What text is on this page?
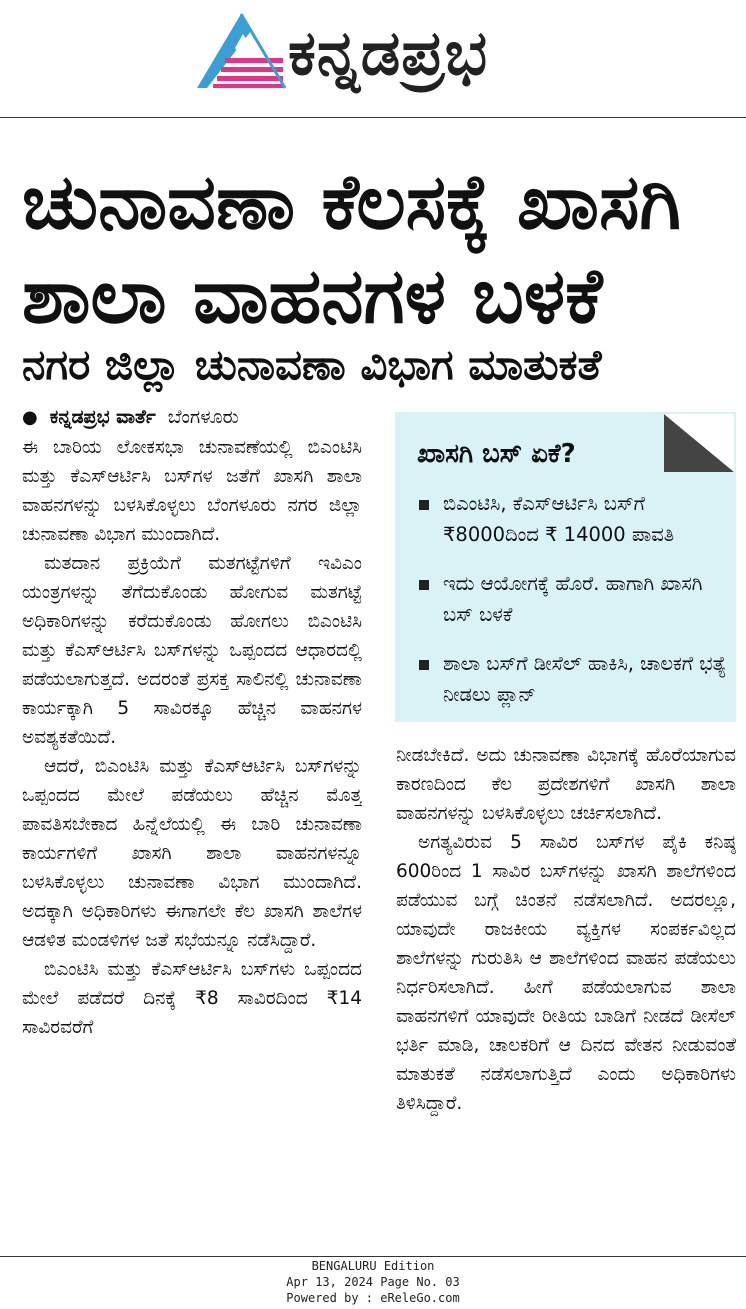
ಕನ್ನಡಪ್ರಭ
ಚುನಾವಣಾ ಕೆಲಸಕ್ಕೆ ಖಾಸಗಿ
ಶಾಲಾ ವಾಹನಗಳ ಬಳಕೆ
ನಗರ ಜಿಲ್ಲಾ ಚುನಾವಣಾ ವಿಭಾಗ ಮಾತುಕತೆ
● ಕನ್ನಡಪ್ರಭ ವಾರ್ತೆ ಬೆಂಗಳೂರು

ಈ ಬಾರಿಯ ಲೋಕಸಭಾ ಚುನಾವಣೆಯಲ್ಲಿ ಬಿಎಂಟಿಸಿ ಮತ್ತು ಕೆಎಸ್ಆರ್ಟಿಸಿ ಬಸ್‌ಗಳ ಜತೆಗೆ ಖಾಸಗಿ ಶಾಲಾ ವಾಹನಗಳನ್ನು ಬಳಸಿಕೊಳ್ಳಲು ಬೆಂಗಳೂರು ನಗರ ಜಿಲ್ಲಾ ಚುನಾವಣಾ ವಿಭಾಗ ಮುಂದಾಗಿದೆ.

ಮತದಾನ ಪ್ರಕ್ರಿಯೆಗೆ ಮತಗಟ್ಟೆಗಳಿಗೆ ಇವಿಎಂ ಯಂತ್ರಗಳನ್ನು ತೆಗೆದುಕೊಂಡು ಹೋಗುವ ಮತಗಟ್ಟೆ ಅಧಿಕಾರಿಗಳನ್ನು ಕರೆದುಕೊಂಡು ಹೋಗಲು ಬಿಎಂಟಿಸಿ ಮತ್ತು ಕೆಎಸ್ಆರ್ಟಿಸಿ ಬಸ್‌ಗಳನ್ನು ಒಪ್ಪಂದದ ಆಧಾರದಲ್ಲಿ ಪಡೆಯಲಾಗುತ್ತದೆ. ಅದರಂತೆ ಪ್ರಸಕ್ತ ಸಾಲಿನಲ್ಲಿ ಚುನಾವಣಾ ಕಾರ್ಯಕ್ಕಾಗಿ 5 ಸಾವಿರಕ್ಕೂ ಹೆಚ್ಚಿನ ವಾಹನಗಳ ಅವಶ್ಯಕತೆಯಿದೆ.

ಆದರೆ, ಬಿಎಂಟಿಸಿ ಮತ್ತು ಕೆಎಸ್ಆರ್ಟಿಸಿ ಬಸ್‌ಗಳನ್ನು ಒಪ್ಪಂದದ ಮೇಲೆ ಪಡೆಯಲು ಹೆಚ್ಚಿನ ಮೊತ್ತ ಪಾವತಿಸಬೇಕಾದ ಹಿನ್ನೆಲೆಯಲ್ಲಿ ಈ ಬಾರಿ ಚುನಾವಣಾ ಕಾರ್ಯಗಳಿಗೆ ಖಾಸಗಿ ಶಾಲಾ ವಾಹನಗಳನ್ನೂ ಬಳಸಿಕೊಳ್ಳಲು ಚುನಾವಣಾ ವಿಭಾಗ ಮುಂದಾಗಿದೆ. ಅದಕ್ಕಾಗಿ ಅಧಿಕಾರಿಗಳು ಈಗಾಗಲೇ ಕೆಲ ಖಾಸಗಿ ಶಾಲೆಗಳ ಆಡಳಿತ ಮಂಡಳಿಗಳ ಜತೆ ಸಭೆಯನ್ನೂ ನಡೆಸಿದ್ದಾರೆ.

ಬಿಎಂಟಿಸಿ ಮತ್ತು ಕೆಎಸ್ಆರ್ಟಿಸಿ ಬಸ್‌ಗಳು ಒಪ್ಪಂದದ ಮೇಲೆ ಪಡೆದರೆ ದಿನಕ್ಕೆ ₹8 ಸಾವಿರದಿಂದ ₹14 ಸಾವಿರವರೆಗೆ

ಖಾಸಗಿ ಬಸ್ ಏಕೆ?
ಬಿಎಂಟಿಸಿ, ಕೆಎಸ್ಆರ್ಟಿಸಿ ಬಸ್‌ಗೆ ₹8000ದಿಂದ ₹ 14000 ಪಾವತಿ
ಇದು ಆಯೋಗಕ್ಕೆ ಹೊರೆ. ಹಾಗಾಗಿ ಖಾಸಗಿ ಬಸ್ ಬಳಕೆ
ಶಾಲಾ ಬಸ್‌ಗೆ ಡೀಸೆಲ್ ಹಾಕಿಸಿ, ಚಾಲಕಗೆ ಭತ್ಯೆ ನೀಡಲು ಪ್ಲಾನ್

ನೀಡಬೇಕಿದೆ. ಅದು ಚುನಾವಣಾ ವಿಭಾಗಕ್ಕೆ ಹೊರೆಯಾಗುವ ಕಾರಣದಿಂದ ಕೆಲ ಪ್ರದೇಶಗಳಿಗೆ ಖಾಸಗಿ ಶಾಲಾ ವಾಹನಗಳನ್ನು ಬಳಸಿಕೊಳ್ಳಲು ಚರ್ಚಿಸಲಾಗಿದೆ.

ಅಗತ್ಯವಿರುವ 5 ಸಾವಿರ ಬಸ್‌ಗಳ ಪೈಕಿ ಕನಿಷ್ಠ 600ರಿಂದ 1 ಸಾವಿರ ಬಸ್‌ಗಳನ್ನು ಖಾಸಗಿ ಶಾಲೆಗಳಿಂದ ಪಡೆಯುವ ಬಗ್ಗೆ ಚಿಂತನೆ ನಡೆಸಲಾಗಿದೆ. ಅದರಲ್ಲೂ, ಯಾವುದೇ ರಾಜಕೀಯ ವ್ಯಕ್ತಿಗಳ ಸಂಪರ್ಕವಿಲ್ಲದ ಶಾಲೆಗಳನ್ನು ಗುರುತಿಸಿ ಆ ಶಾಲೆಗಳಿಂದ ವಾಹನ ಪಡೆಯಲು ನಿರ್ಧರಿಸಲಾಗಿದೆ. ಹೀಗೆ ಪಡೆಯಲಾಗುವ ಶಾಲಾ ವಾಹನಗಳಿಗೆ ಯಾವುದೇ ರೀತಿಯ ಬಾಡಿಗೆ ನೀಡದೆ ಡೀಸೆಲ್ ಭರ್ತಿ ಮಾಡಿ, ಚಾಲಕರಿಗೆ ಆ ದಿನದ ವೇತನ ನೀಡುವಂತೆ ಮಾತುಕತೆ ನಡೆಸಲಾಗುತ್ತಿದೆ ಎಂದು ಅಧಿಕಾರಿಗಳು ತಿಳಿಸಿದ್ದಾರೆ.

BENGALURU Edition
Apr 13, 2024 Page No. 03
Powered by : eReleGo.com
